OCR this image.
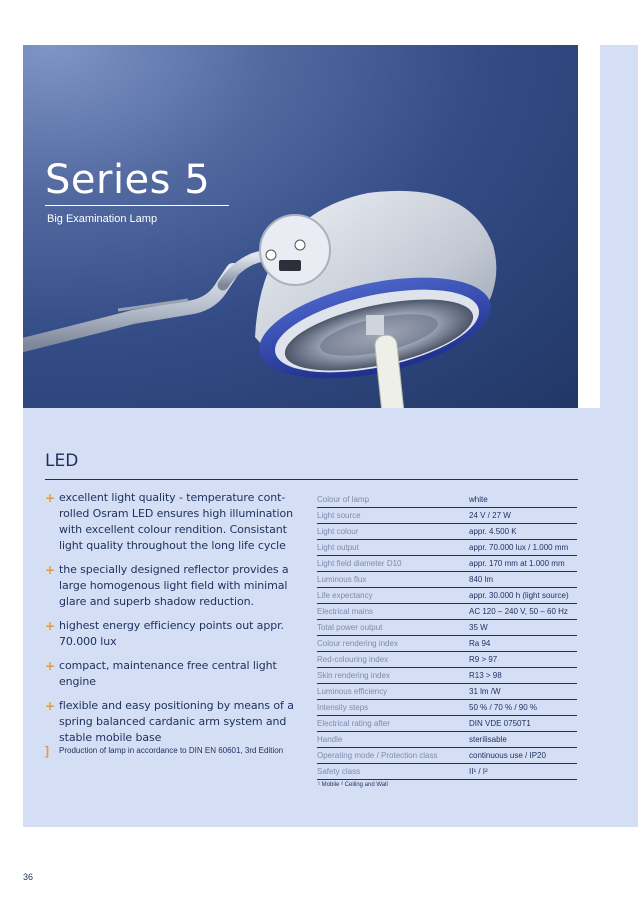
Series 5
Big Examination Lamp
LED
+ excellent light quality - temperature cont-rolled Osram LED ensures high illumination with excellent colour rendition. Consistant light quality throughout the long life cycle
+ the specially designed reflector provides a large homogenous light field with minimal glare and superb shadow reduction.
+ highest energy efficiency points out appr. 70.000 lux
+ compact, maintenance free central light engine
+ flexible and easy positioning by means of a spring balanced cardanic arm system and stable mobile base
] Production of lamp in accordance to DIN EN 60601, 3rd Edition
Colour of lamp	white
Light source	24 V / 27 W
Light colour	appr. 4.500 K
Light output	appr. 70.000 lux / 1.000 mm
Light field diameter D10	appr. 170 mm at 1.000 mm
Luminous flux	840 lm
Life expectancy	appr. 30.000 h (light source)
Electrical mains	AC 120 – 240 V, 50 – 60 Hz
Total power output	35 W
Colour rendering index	Ra 94
Red-colouring index	R9 > 97
Skin rendering index	R13 > 98
Luminous efficiency	31 lm /W
Intensity steps	50 % / 70 % / 90 %
Electrical rating after	DIN VDE 0750T1
Handle	sterilisable
Operating mode / Protection class	continuous use / IP20
Safety class	II¹ / I²
¹ Mobile ² Ceiling and Wall
36
